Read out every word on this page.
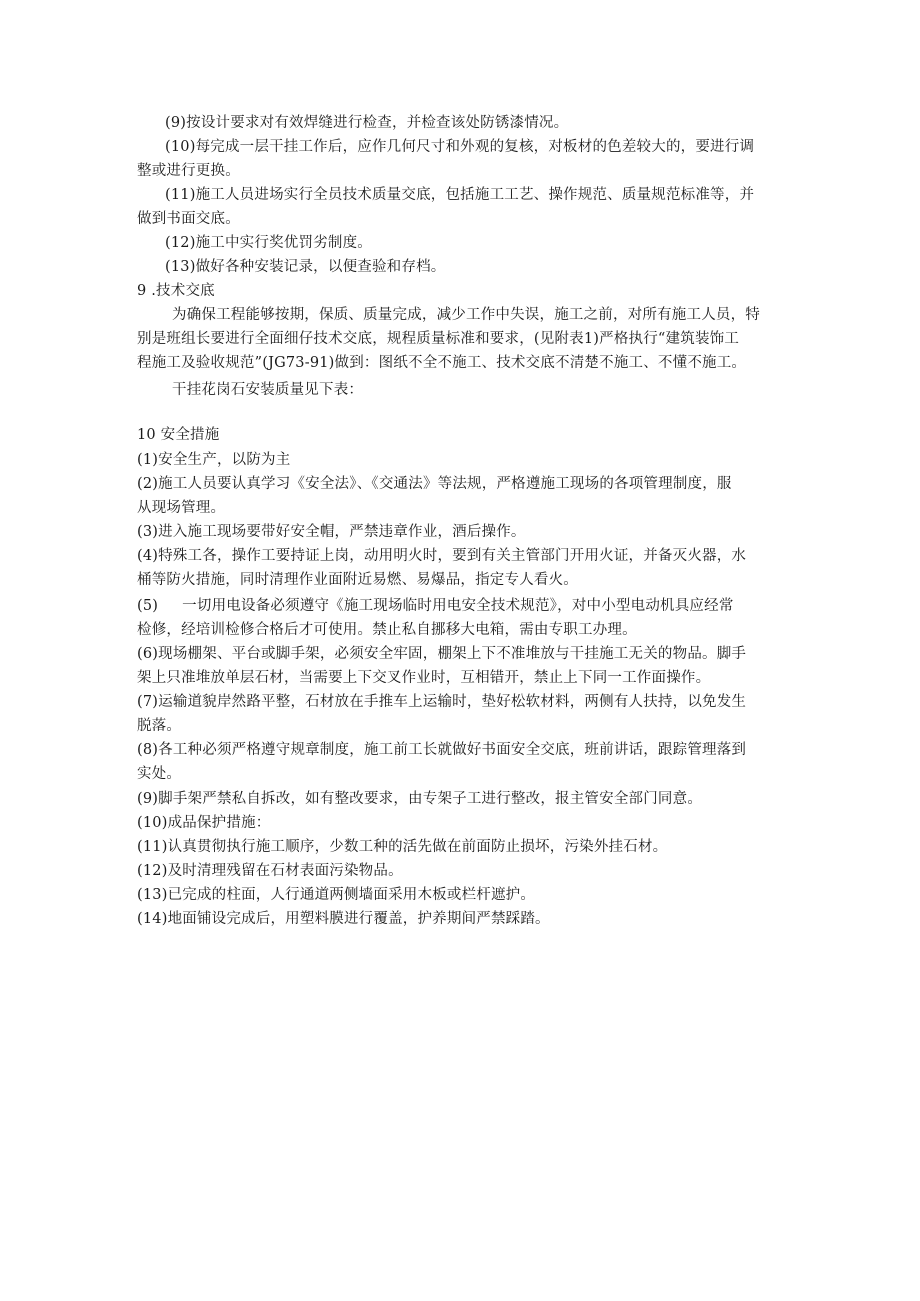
(9)按设计要求对有效焊缝进行检查，并检查该处防锈漆情况。
(10)每完成一层干挂工作后，应作几何尺寸和外观的复核，对板材的色差较大的，要进行调
整或进行更换。
(11)施工人员进场实行全员技术质量交底，包括施工工艺、操作规范、质量规范标准等，并
做到书面交底。
(12)施工中实行奖优罚劣制度。
(13)做好各种安装记录，以便查验和存档。
9 .技术交底
为确保工程能够按期，保质、质量完成，减少工作中失误，施工之前，对所有施工人员，特
别是班组长要进行全面细仔技术交底，规程质量标准和要求，(见附表1)严格执行“建筑装饰工
程施工及验收规范”(JG73-91)做到：图纸不全不施工、技术交底不清楚不施工、不懂不施工。
干挂花岗石安装质量见下表：
10 安全措施
(1)安全生产，以防为主
(2)施工人员要认真学习《安全法》、《交通法》等法规，严格遵施工现场的各项管理制度，服
从现场管理。
(3)进入施工现场要带好安全帽，严禁违章作业，酒后操作。
(4)特殊工各，操作工要持证上岗，动用明火时，要到有关主管部门开用火证，并备灭火器，水
桶等防火措施，同时清理作业面附近易燃、易爆品，指定专人看火。
(5)     一切用电设备必须遵守《施工现场临时用电安全技术规范》，对中小型电动机具应经常
检修，经培训检修合格后才可使用。禁止私自挪移大电箱，需由专职工办理。
(6)现场棚架、平台或脚手架，必须安全牢固，棚架上下不准堆放与干挂施工无关的物品。脚手
架上只准堆放单层石材，当需要上下交叉作业时，互相错开，禁止上下同一工作面操作。
(7)运输道貌岸然路平整，石材放在手推车上运输时，垫好松软材料，两侧有人扶持，以免发生
脱落。
(8)各工种必须严格遵守规章制度，施工前工长就做好书面安全交底，班前讲话，跟踪管理落到
实处。
(9)脚手架严禁私自拆改，如有整改要求，由专架子工进行整改，报主管安全部门同意。
(10)成品保护措施：
(11)认真贯彻执行施工顺序，少数工种的活先做在前面防止损坏，污染外挂石材。
(12)及时清理残留在石材表面污染物品。
(13)已完成的柱面，人行通道两侧墙面采用木板或栏杆遮护。
(14)地面铺设完成后，用塑料膜进行覆盖，护养期间严禁踩踏。
